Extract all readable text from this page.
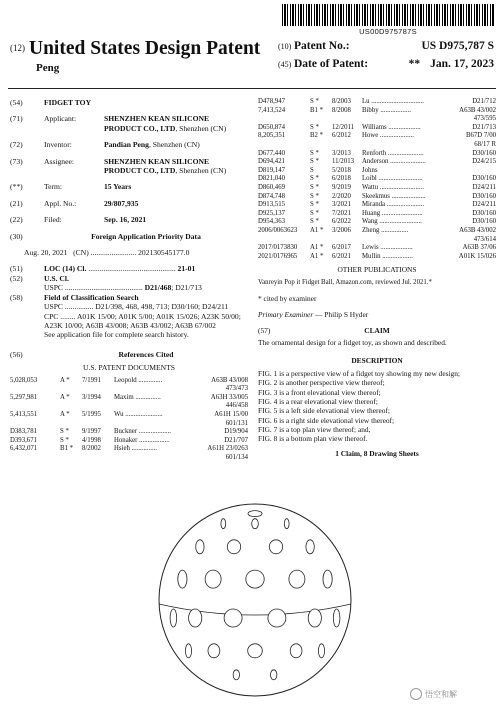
US00D975787S
(12) United States Design Patent
Peng
(10) Patent No.:	US D975,787 S
(45) Date of Patent:	** Jan. 17, 2023
(54)	FIDGET TOY
(71)	Applicant:	SHENZHEN KEAN SILICONE PRODUCT CO., LTD, Shenzhen (CN)
(72)	Inventor:	Pandian Peng, Shenzhen (CN)
(73)	Assignee:	SHENZHEN KEAN SILICONE PRODUCT CO., LTD, Shenzhen (CN)
(**)	Term:	15 Years
(21)	Appl. No.:	29/807,935
(22)	Filed:	Sep. 16, 2021
(30)	Foreign Application Priority Data
Aug. 20, 2021   (CN) ........................ 202130545177.0
(51)	LOC (14) Cl. .............................................. 21-01
(52)	U.S. Cl.
USPC ......................................... D21/468; D21/713
(58)	Field of Classification Search
USPC ............... D21/398, 468, 498, 713; D30/160; D24/211
CPC ........ A01K 15/00; A01K 5/00; A01K 15/026; A23K 50/00; A23K 10/00; A63B 43/008; A63B 43/002; A63B 67/002
See application file for complete search history.
(56)	References Cited
U.S. PATENT DOCUMENTS
5,028,053	A *	7/1991	Leopold ..............	A63B 43/008
473/473
5,297,981	A *	3/1994	Maxim ...............	A63H 33/005
446/458
5,413,551	A *	5/1995	Wu ......................	A61H 15/00
601/131
D383,781	S *	9/1997	Buckner ...................	D19/904
D393,671	S *	4/1998	Honaker ..................	D21/707
6,432,071	B1 *	8/2002	Hsieh ...............	A61H 23/0263
601/134
D478,947	S *	8/2003	Lu ...............................	D21/712
7,413,524	B1 *	8/2008	Bibby ..................	A63B 43/002
473/595
D650,874	S *	12/2011	Williams ...................	D21/713
8,205,351	B2 *	6/2012	Howe ....................	B67D 7/00
68/17 R
D677,440	S *	3/2013	Renforth .....................	D30/160
D694,421	S *	11/2013	Anderson .....................	D24/215
D819,147	S	5/2018	Johns
D821,040	S *	6/2018	Loibl ..........................	D30/160
D860,469	S *	9/2019	Wattu ..........................	D24/211
D874,748	S *	2/2020	Skeekmus ....................	D30/160
D913,515	S *	3/2021	Miranda ......................	D24/211
D925,137	S *	7/2021	Huang ........................	D30/160
D954,363	S *	6/2022	Wang .........................	D30/160
2006/0063623	A1 *	3/2006	Zheng ................	A63B 43/002
473/614
2017/0173830	A1 *	6/2017	Lewis ...................	A63B 37/06
2021/0176965	A1 *	6/2021	Mullin ..................	A01K 15/026
OTHER PUBLICATIONS
Vanreyin Pop it Fidget Ball, Amazon.com, reviewed Jul. 2021.*
* cited by examiner
Primary Examiner — Philip S Hyder
(57)	CLAIM
The ornamental design for a fidget toy, as shown and described.
DESCRIPTION

FIG. 1 is a perspective view of a fidget toy showing my new design;

FIG. 2 is another perspective view thereof;

FIG. 3 is a front elevational view thereof;

FIG. 4 is a rear elevational view thereof;

FIG. 5 is a left side elevational view thereof;

FIG. 6 is a right side elevational view thereof;

FIG. 7 is a top plan view thereof; and,

FIG. 8 is a bottom plan view thereof.

1 Claim, 8 Drawing Sheets
悟空和解
